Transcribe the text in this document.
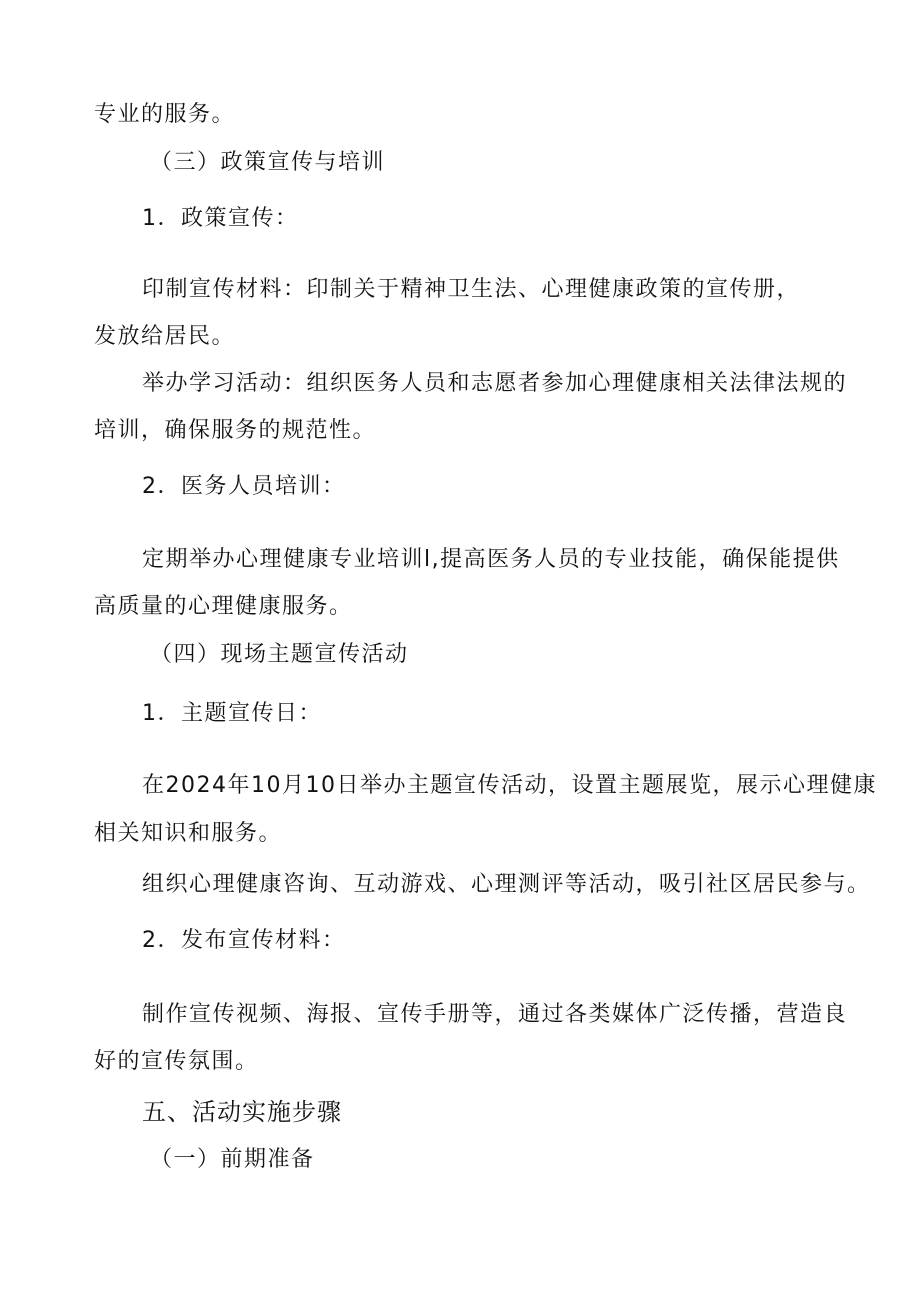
专业的服务。

（三）政策宣传与培训

1．政策宣传：

印制宣传材料：印制关于精神卫生法、心理健康政策的宣传册，

发放给居民。

举办学习活动：组织医务人员和志愿者参加心理健康相关法律法规的

培训，确保服务的规范性。

2．医务人员培训：

定期举办心理健康专业培训l,提高医务人员的专业技能，确保能提供

高质量的心理健康服务。

（四）现场主题宣传活动

1．主题宣传日：

在2024年10月10日举办主题宣传活动，设置主题展览，展示心理健康

相关知识和服务。

组织心理健康咨询、互动游戏、心理测评等活动，吸引社区居民参与。

2．发布宣传材料：

制作宣传视频、海报、宣传手册等，通过各类媒体广泛传播，营造良

好的宣传氛围。

五、活动实施步骤

（一）前期准备
